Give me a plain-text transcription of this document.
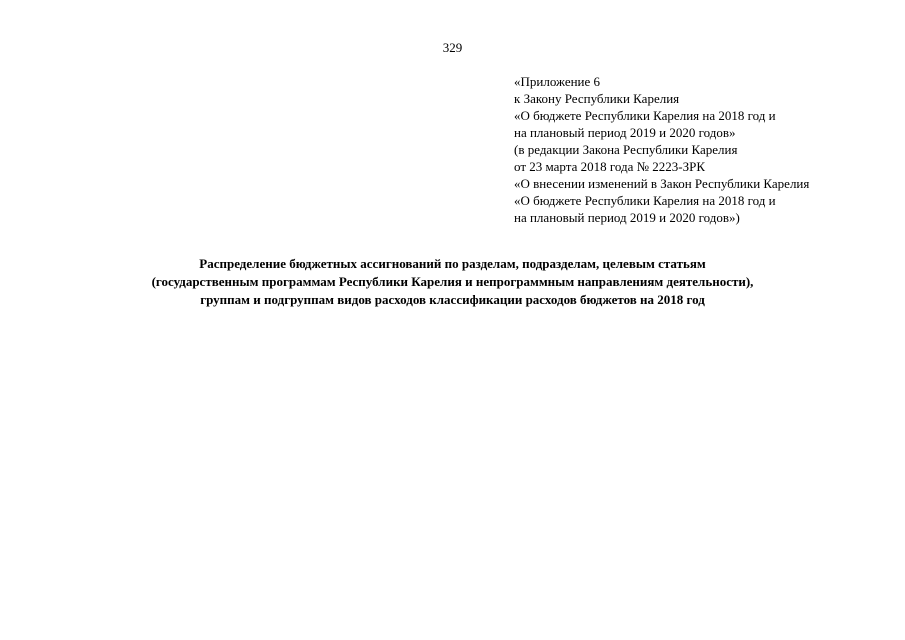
329
«Приложение 6
к Закону Республики Карелия
«О бюджете Республики Карелия на 2018 год и
на плановый период 2019 и 2020 годов»
(в редакции Закона Республики Карелия
от 23 марта 2018 года № 2223-ЗРК
«О внесении изменений в Закон Республики Карелия
«О бюджете Республики Карелия на 2018 год и
на плановый период 2019 и 2020 годов»)
Распределение бюджетных ассигнований по разделам, подразделам, целевым статьям
(государственным программам Республики Карелия и непрограммным направлениям деятельности),
группам и подгруппам видов расходов классификации расходов бюджетов на 2018 год
